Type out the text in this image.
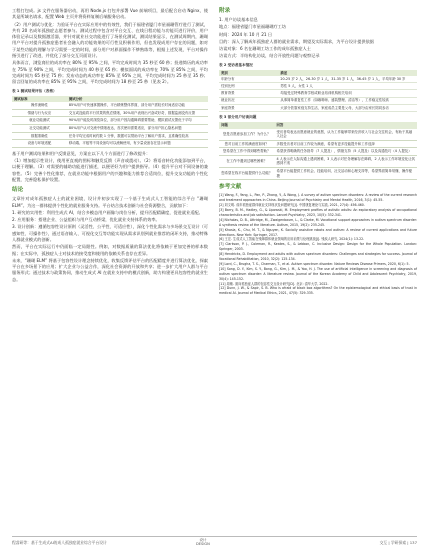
工程打包成。js 文件在服务器启动，再用 Node.js 打包并部署 Vue 前端项目，最后配合启动 Nginx，使其是所域名请求，配置 Web 主页并将资料复制后端服务启动。

（2）用户测试与优化：为验证平台在实际应用中的有效性，我们于福建省厦门市星福珊管疗进行了测试，共有 20 名成年孤独症志愿者参与。测试过程中包含对平台交互、在线日程功能与功能页进行评价，用户体验记录以及数据激活器，并针对就业社交功能进行了场景化测试，测试结果显示，在测试周期内，珊瑚用户平台对提升孤独症患者社会融入的功能效果的可行性及积极作用，但也发现成用户存在的问题，如对于某些功能的理解与学习需要一定的时间，部分用户对界面操作不够熟练等，根据上述发现，平台对操作指引进行了改进，并优化了部分交互页面设计。

具体而言，浏览商位的成功率在 80% 至 95% 之间，平均完成时间为 35 秒至 60 秒；投递简历的成功率在 75% 至 90% 之间，平均完成时间为 40 秒至 65 秒；模拟面试的成功率在 70% 至 85% 之间，平均完成时间为 65 秒至 75 秒；发布动态的成功率在 85% 至 95% 之间，平均完成时间为 25 秒至 35 秒；留言回复的成功率在 85% 至 95% 之间，平均完成时间为 18 秒至 25 秒（见表 2）。

表 1 测试结果评估（表格）
测试标准	测试分析
操作流畅性	85%用户可快速掌握操作，平台精炼整体界面，部分用户需较长时间适应功能
情绪与行为反应	交互或没能将平行效果的焦虑情绪，30%用户表现出兴奋或好奇，数据监测没有反馈
就业功能测试	90%用户能及时浏览岗位，部分用户因沟通障碍需要帮助，模拟面试反馈优于平均
社交功能测试	80%用户认可交流中情绪表达，首次使用需要适应，部分用户担心隐私问题
数据准确性	任务平均完成时间约数 1 分钟，数据可以帮助平台了解用户需求，且准确性较高
设备与环境适配	移动端、平板等不同设备均可以流畅使用，有少量设备存在显示问题

基于用户测试结果和用户反馈意见，方案在以下几个方面进行了修改提升：

（1）增加提示性设计，使用更直观的图标和触发反馈（声音或震动）。（2）将语音转化功能添加到平台，以便于理解。（3）对需要的辅助功能进行描述，以便更好为用户提供指导。（4）提升平台对不同设备的兼容性。（5）完善个性化推荐，在就业功能中根据用户的兴趣和能力推荐合适岗位，提升交友功能的个性化配置，完善隐私保护设置。

结论

文章针对成年孤独症人士的就业困境，设计并初步实现了一个基于生成式人工智能的综合平台 “珊瑚 ELM”。为这一群体提供个性化的就业服务支持。平台结合技术创新与社会资源整合，贡献如下：

1. 研究的实用性：利用生成式 AI，结合多模态用户画像与岗位分析，提升匹配精确度，促进就业适配。

2. 应用服务：搭建企业、公益组织与用户互动桥梁，优化就业支持体系的效率。

3. 设计创新：遵循包容性设计原则（灵活性、公平性、可适应性），深化个性化需求与多场景交互设计（可感知性、可操作性），通过语音输入、可视化交互等功能实现从需求识别到就业推荐的闭环支持，推动特殊人群就业模式的创新。

然而，平台在实际运行中仍面临一定局限性。例如，对数据质量的算法优化将依赖于更加完善的样本数据；在实际中，孤独症人士对技术的接受度和使用的依赖关系也存在差异。

未来，“珊瑚 ELM” 将基于包容性设计理念持续优化，收集反馈评估平台的匹配精度并进行算法优化，探索平台在多场景下的应用；扩大企业与公益合作，深化社会资源的开放和共享；进一步扩大用户人群与平台服务形式；通过技术与政策协同，推动生成式 AI 在就业支持中的模式创新，助力构建更具包容性的就业生态。

附录

1. 用户访谈基本信息

地点：福建省厦门市星福珊瑚疗工坊

时间：2024 年 10 月 21 日

目的：深入了解成年孤独症人群的就业需求，期望及实际需求，为平台设计提供依据

访谈对象：6 名在珊瑚工坊工作的成年孤独症人士

访谈方式：半结构化访谈，结合开放性问题与观察记录

表 2 受访者基本情况
类别	描述
年龄分布	20-25 岁 2 人，26-30 岁 1 人，31-35 岁 1 人，36-45 岁 1 人，平均年龄 30 岁
性别比例	男性 5 人，女性 1 人
教育背景	均接受过特殊教育学校或职业培训机构相关培训
就业状况	从事简单重复性工作（如咖啡师、盛装整理、清洁等），工作稳定性较高
家庭背景	大部分依靠家庭支持生活，家庭成员主要是父母，大部分由家长陪同参访
表 3 部分用户访谈问题
问题	回答
您是否愿意参加工作？为什么？	受访者均表达出愿意就业的意愿，认为工作能够带来经济收入与社会交往机会，有助于其融入社会
您对目前工作的满意度如何？	多数受访者对目前工作较为满意，希望有更多技能提升和工作选择
您希望在工作中得到哪些帮助？	希望获得明确的任务指导（7 人提及），情绪支持（5 人提及）以及沟通技巧（4 人提及）
在工作中遇到过哪些困难？	4 人表示在人际沟通上遇到困难，3 人表示对任务理解存在障碍，2 人表示工作环境变化让其感到不适
您希望在线平台能提供什么功能？	希望平台能提供工作机会、技能培训、社交活动和心理支持等，希望界面简单易懂、操作便捷
参考文献

[1] Wang, F., Yang, L., Pan, P., Zhang, Y., & Wang, J. A survey of autism spectrum disorders: A review of the current research and treatment approaches in China. Beijing Journal of Psychiatry and Mental Health, 2016, 3(1): 45-55.

[2] 刘文明. 成年孤独症群体就业支持现状及问题研究[J]. 中国康复理论与实践, 2021, 27(4): 456-460.

[3] Barry, B. M., Hadley, G., & Lipowski, M. Employment profiles of autistic adults: An exploratory analysis of occupational characteristics and job satisfaction. Lancet Psychiatry, 2023, 10(5): 332-341.

[4] Nicholas, D. B., Attridge, M., Zwaigenbaum, L., & Clarke, M. Vocational support approaches in autism spectrum disorder: A synthesis review of the literature. Autism, 2015, 19(2): 235-245.

[5] Khosla, K., Chu, M. T., & Nguyen, K. Socially assistive robots and autism: A review of current applications and future directions. New York: Springer, 2017.

[6] 王宏. 生成式人工智能在残障群体就业领域的应用前景与伦理挑战[J]. 残疾人研究, 2024(1): 13-22.

[7] Clarkson, P. J., Coleman, R., Keates, S., & Lebbon, C. Inclusive Design: Design for the Whole Population. London: Springer, 2003.

[8] Hendricks, D. Employment and adults with autism spectrum disorders: Challenges and strategies for success. Journal of Vocational Rehabilitation, 2010, 32(2): 125-134.

[9] Lord, C., Brugha, T. S., Charman, T., et al. Autism spectrum disorder. Nature Reviews Disease Primers, 2020, 6(1): 5.

[10] Song, D. Y., Kim, S. Y., Bong, G., Kim, J. M., & Yoo, H. J. The use of artificial intelligence in screening and diagnosis of autism spectrum disorder: A literature review. Journal of the Korean Academy of Child and Adolescent Psychiatry, 2019, 30(4): 145-152.

[11] 周敏. 面向孤独症人群的包容性交互设计研究[D]. 北京: 清华大学, 2022.

[12] Dunn, J. W., & Sapir, S. B. Who is afraid of black box algorithms? On the epistemological and ethical basis of trust in medical AI. Journal of Medical Ethics, 2021, 47(5): 329-335.

程睿研等：基于生成式AI的成人孤独症就业综合平台设计	设计
DESIGN	交互 | 学研探索 | 137
